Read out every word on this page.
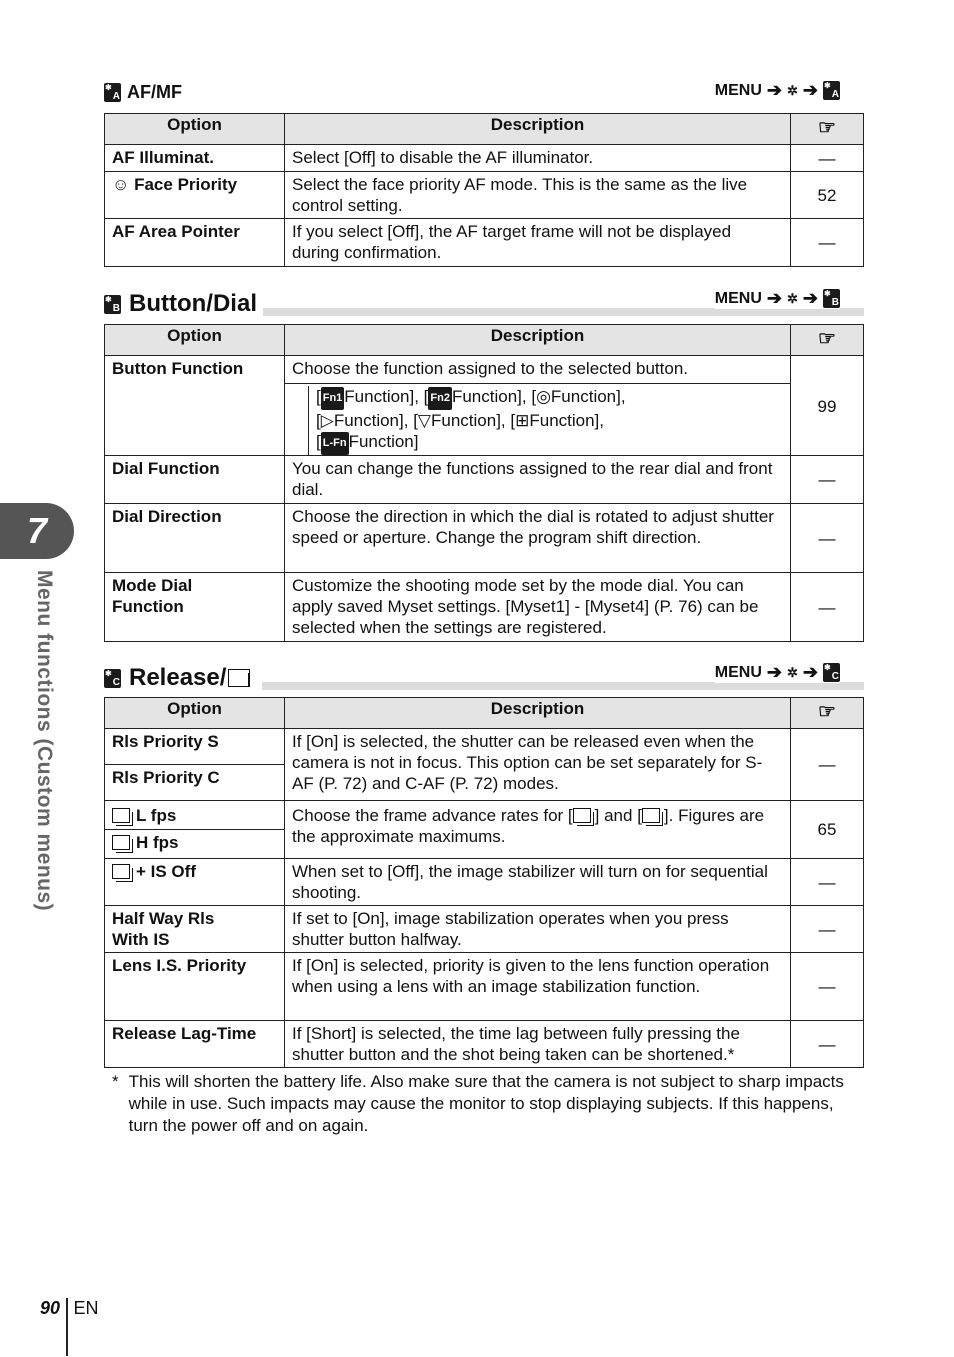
✱
A AF/MF	MENU ➔ ✲ ➔ ✱
A
Option	Description	☞
AF Illuminat.	Select [Off] to disable the AF illuminator.	—
☺ Face Priority	Select the face priority AF mode. This is the same as the live control setting.	52
AF Area Pointer	If you select [Off], the AF target frame will not be displayed during confirmation.	—
✱
B Button/Dial	MENU ➔ ✲ ➔ ✱
B
Option	Description	☞
Button Function	Choose the function assigned to the selected button.
[ Fn1 Function], [ Fn2 Function], [◎Function],
[▷Function], [▽Function], [⊞Function],
[ L-Fn Function]	99
Dial Function	You can change the functions assigned to the rear dial and front dial.	—
Dial Direction	Choose the direction in which the dial is rotated to adjust shutter speed or aperture. Change the program shift direction.	—
Mode Dial Function	Customize the shooting mode set by the mode dial. You can apply saved Myset settings. [Myset1] - [Myset4] (P. 76) can be selected when the settings are registered.	—
✱
C Release/	MENU ➔ ✲ ➔ ✱
C
Option	Description	☞
Rls Priority S	If [On] is selected, the shutter can be released even when the camera is not in focus. This option can be set separately for S-AF (P. 72) and C-AF (P. 72) modes.	—
Rls Priority C		
L fps	Choose the frame advance rates for [ ] and [ ]. Figures are the approximate maximums.	65
H fps		
+ IS Off	When set to [Off], the image stabilizer will turn on for sequential shooting.	—
Half Way Rls With IS	If set to [On], image stabilization operates when you press shutter button halfway.	—
Lens I.S. Priority	If [On] is selected, priority is given to the lens function operation when using a lens with an image stabilization function.	—
Release Lag-Time	If [Short] is selected, the time lag between fully pressing the shutter button and the shot being taken can be shortened.*	—
* This will shorten the battery life. Also make sure that the camera is not subject to sharp impacts while in use. Such impacts may cause the monitor to stop displaying subjects. If this happens, turn the power off and on again.
7
Menu functions (Custom menus)
90 EN
